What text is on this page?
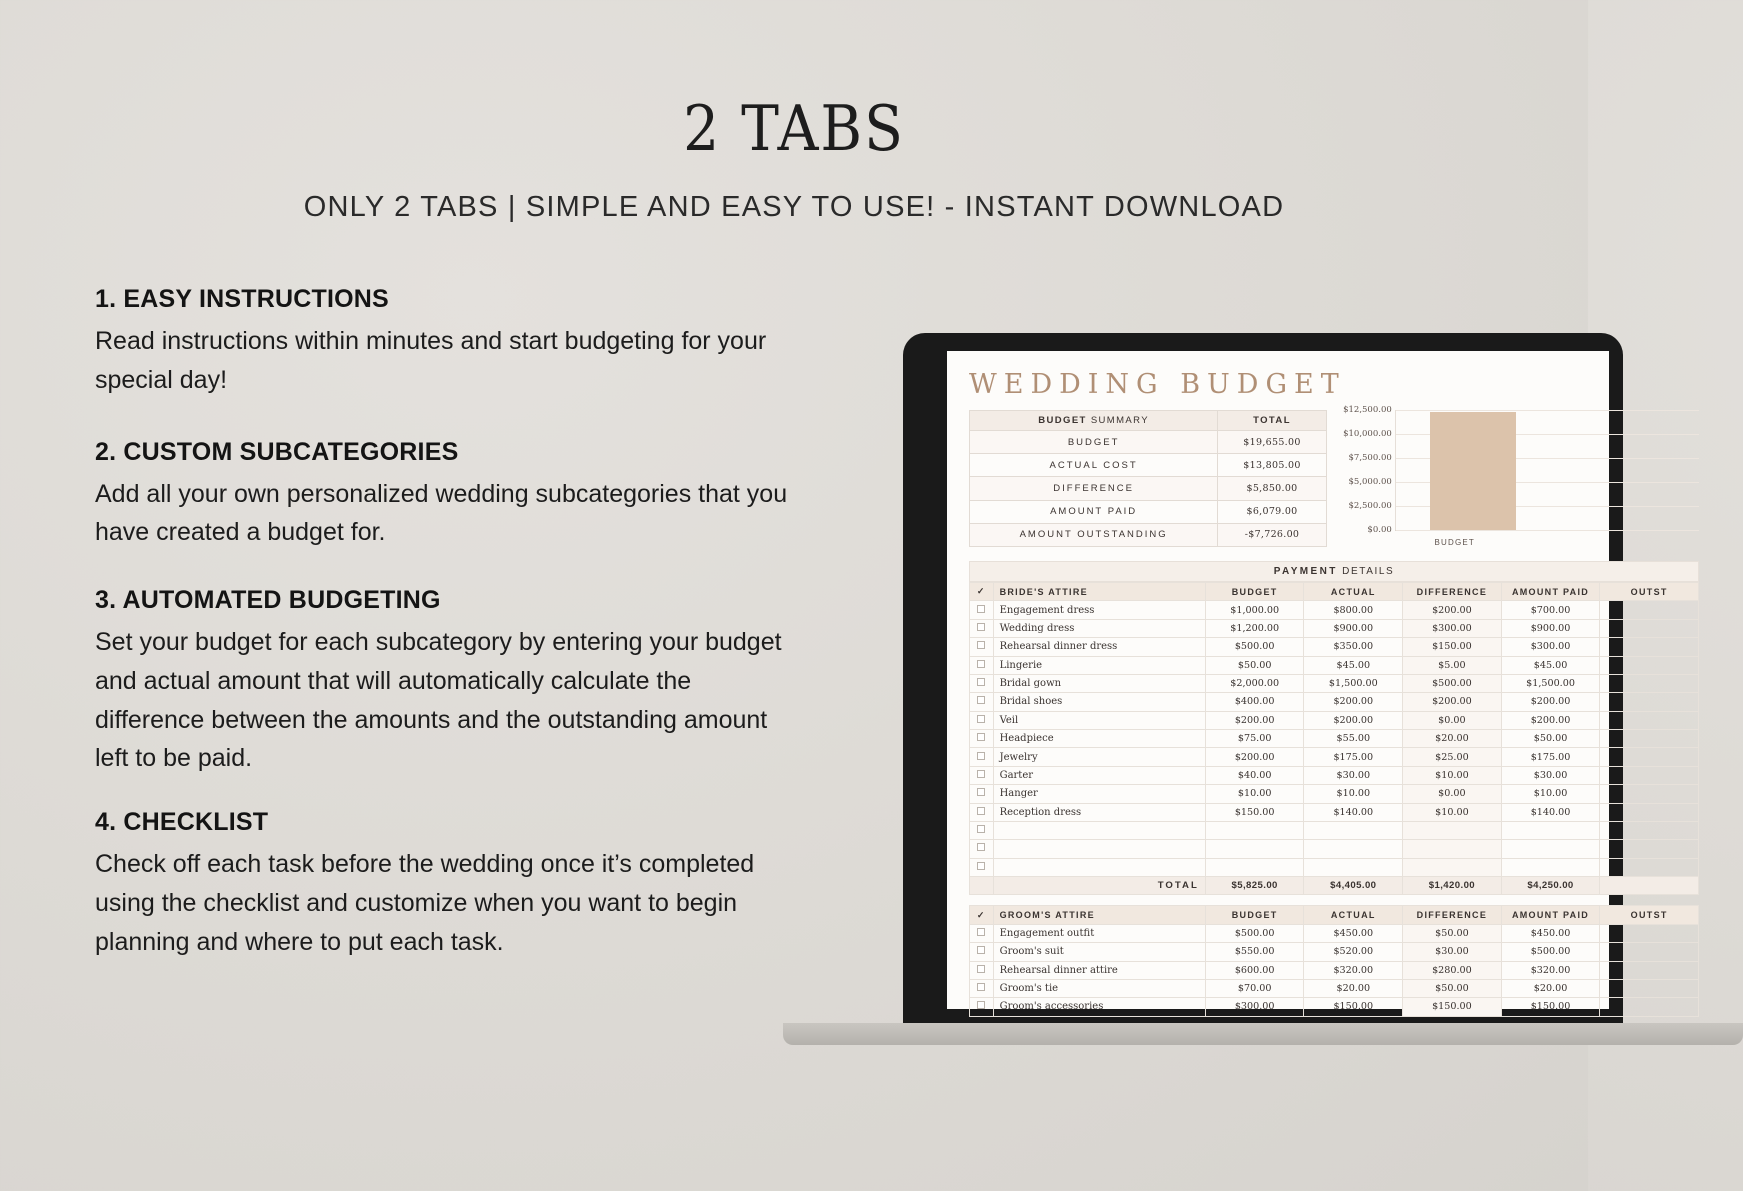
2 TABS
ONLY 2 TABS | SIMPLE AND EASY TO USE! - INSTANT DOWNLOAD
1. EASY INSTRUCTIONS

Read instructions within minutes and start budgeting for your special day!

2. CUSTOM SUBCATEGORIES

Add all your own personalized wedding subcategories that you have created a budget for.

3. AUTOMATED BUDGETING

Set your budget for each subcategory by entering your budget and actual amount that will automatically calculate the difference between the amounts and the outstanding amount left to be paid.

4. CHECKLIST

Check off each task before the wedding once it’s completed using the checklist and customize when you want to begin planning and where to put each task.

WEDDING BUDGET
BUDGET SUMMARY	TOTAL
BUDGET	$19,655.00
ACTUAL COST	$13,805.00
DIFFERENCE	$5,850.00
AMOUNT PAID	$6,079.00
AMOUNT OUTSTANDING	-$7,726.00
$12,500.00
$10,000.00
$7,500.00
$5,000.00
$2,500.00
$0.00
BUDGET
PAYMENT DETAILS
✓	BRIDE'S ATTIRE	BUDGET	ACTUAL	DIFFERENCE	AMOUNT PAID	OUTST
	Engagement dress	$1,000.00	$800.00	$200.00	$700.00	
	Wedding dress	$1,200.00	$900.00	$300.00	$900.00	
	Rehearsal dinner dress	$500.00	$350.00	$150.00	$300.00	
	Lingerie	$50.00	$45.00	$5.00	$45.00	
	Bridal gown	$2,000.00	$1,500.00	$500.00	$1,500.00	
	Bridal shoes	$400.00	$200.00	$200.00	$200.00	
	Veil	$200.00	$200.00	$0.00	$200.00	
	Headpiece	$75.00	$55.00	$20.00	$50.00	
	Jewelry	$200.00	$175.00	$25.00	$175.00	
	Garter	$40.00	$30.00	$10.00	$30.00	
	Hanger	$10.00	$10.00	$0.00	$10.00	
	Reception dress	$150.00	$140.00	$10.00	$140.00	

	TOTAL	$5,825.00	$4,405.00	$1,420.00	$4,250.00	
✓	GROOM'S ATTIRE	BUDGET	ACTUAL	DIFFERENCE	AMOUNT PAID	OUTST
	Engagement outfit	$500.00	$450.00	$50.00	$450.00	
	Groom's suit	$550.00	$520.00	$30.00	$500.00	
	Rehearsal dinner attire	$600.00	$320.00	$280.00	$320.00	
	Groom's tie	$70.00	$20.00	$50.00	$20.00	
	Groom's accessories	$300.00	$150.00	$150.00	$150.00	
